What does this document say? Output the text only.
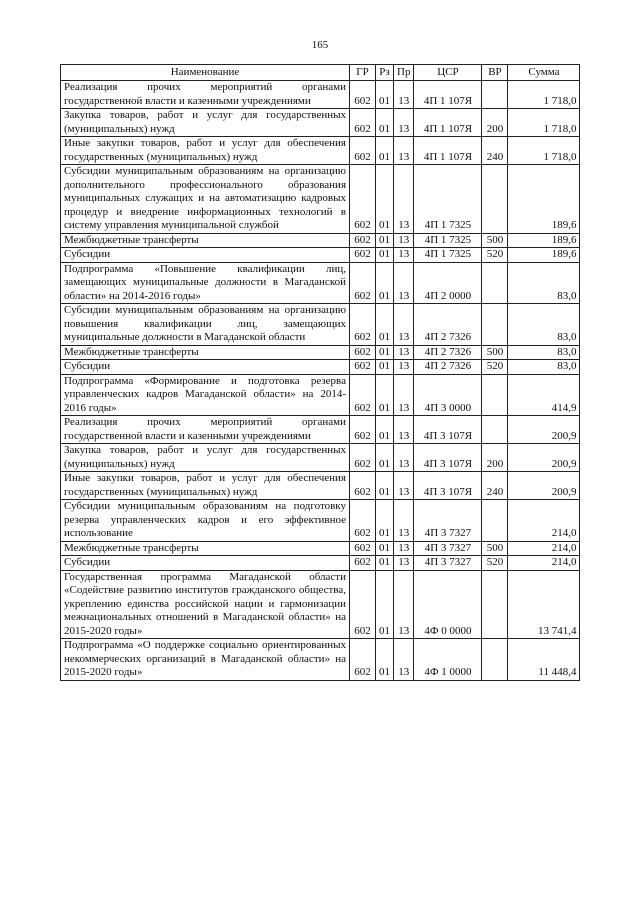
165
Наименование	ГР	Рз	Пр	ЦСР	ВР	Сумма
Реализация прочих мероприятий органами государственной власти и казенными учреждениями	602	01	13	4П 1 107Я		1 718,0
Закупка товаров, работ и услуг для государственных (муниципальных) нужд	602	01	13	4П 1 107Я	200	1 718,0
Иные закупки товаров, работ и услуг для обеспечения государственных (муниципальных) нужд	602	01	13	4П 1 107Я	240	1 718,0
Субсидии муниципальным образованиям на организацию дополнительного профессионального образования муниципальных служащих и на автоматизацию кадровых процедур и внедрение информационных технологий в систему управления муниципальной службой	602	01	13	4П 1 7325		189,6
Межбюджетные трансферты	602	01	13	4П 1 7325	500	189,6
Субсидии	602	01	13	4П 1 7325	520	189,6
Подпрограмма «Повышение квалификации лиц, замещающих муниципальные должности в Магаданской области» на 2014-2016 годы»	602	01	13	4П 2 0000		83,0
Субсидии муниципальным образованиям на организацию повышения квалификации лиц, замещающих муниципальные должности в Магаданской области	602	01	13	4П 2 7326		83,0
Межбюджетные трансферты	602	01	13	4П 2 7326	500	83,0
Субсидии	602	01	13	4П 2 7326	520	83,0
Подпрограмма «Формирование и подготовка резерва управленческих кадров Магаданской области» на 2014-2016 годы»	602	01	13	4П 3 0000		414,9
Реализация прочих мероприятий органами государственной власти и казенными учреждениями	602	01	13	4П 3 107Я		200,9
Закупка товаров, работ и услуг для государственных (муниципальных) нужд	602	01	13	4П 3 107Я	200	200,9
Иные закупки товаров, работ и услуг для обеспечения государственных (муниципальных) нужд	602	01	13	4П 3 107Я	240	200,9
Субсидии муниципальным образованиям на подготовку резерва управленческих кадров и его эффективное использование	602	01	13	4П 3 7327		214,0
Межбюджетные трансферты	602	01	13	4П 3 7327	500	214,0
Субсидии	602	01	13	4П 3 7327	520	214,0
Государственная программа Магаданской области «Содействие развитию институтов гражданского общества, укреплению единства российской нации и гармонизации межнациональных отношений в Магаданской области» на 2015-2020 годы»	602	01	13	4Ф 0 0000		13 741,4
Подпрограмма «О поддержке социально ориентированных некоммерческих организаций в Магаданской области» на 2015-2020 годы»	602	01	13	4Ф 1 0000		11 448,4
